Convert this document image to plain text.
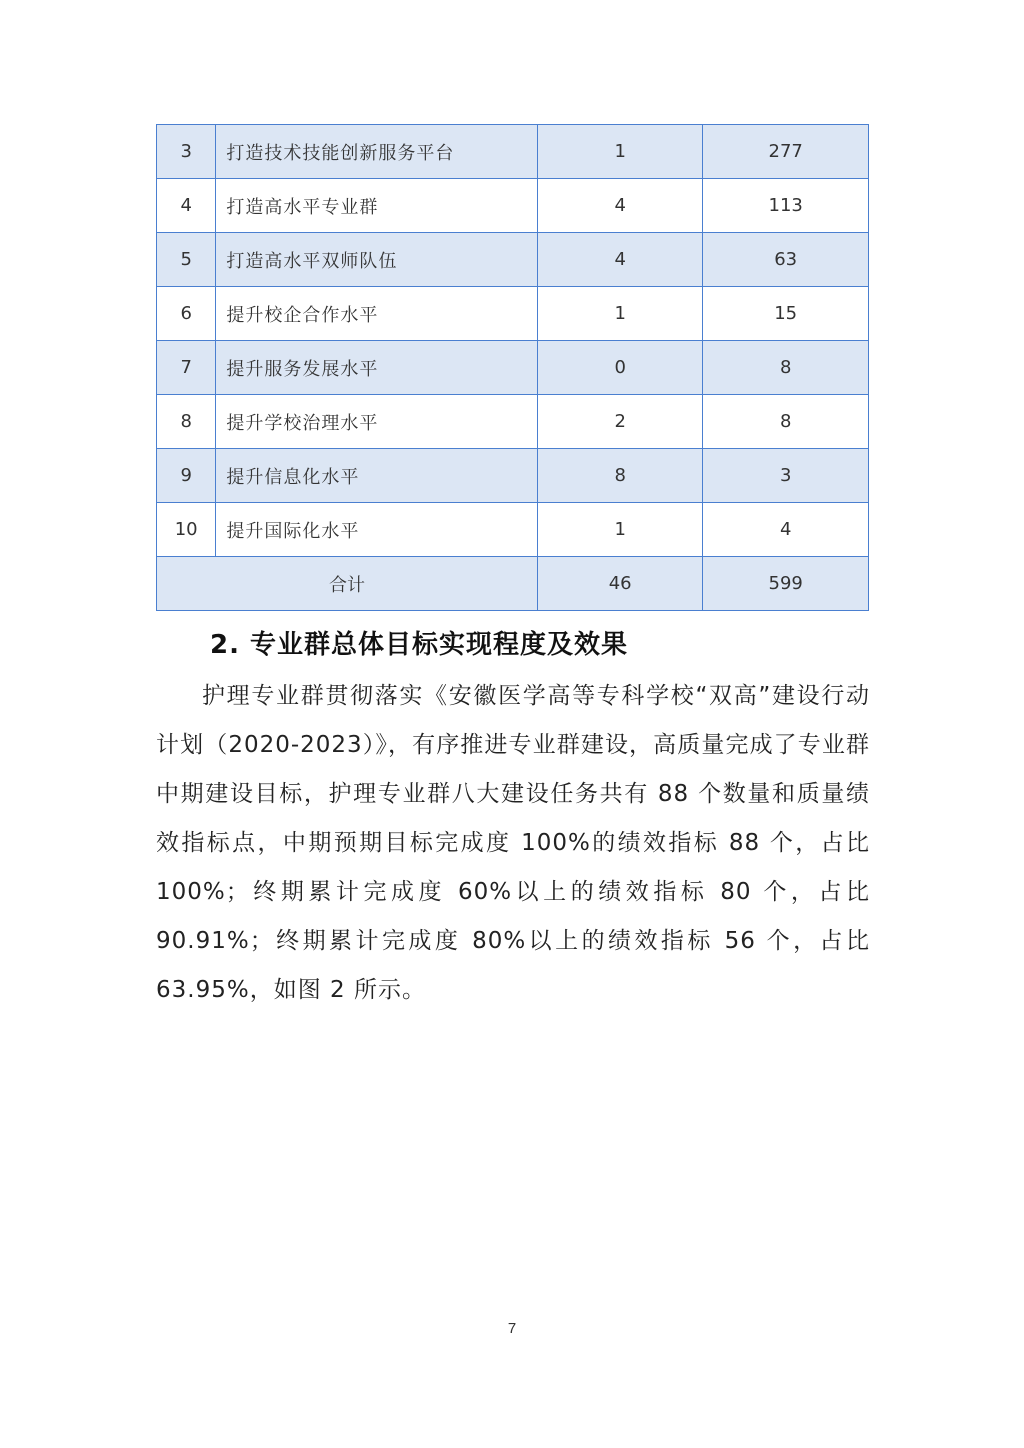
3	打造技术技能创新服务平台	1	277
4	打造高水平专业群	4	113
5	打造高水平双师队伍	4	63
6	提升校企合作水平	1	15
7	提升服务发展水平	0	8
8	提升学校治理水平	2	8
9	提升信息化水平	8	3
10	提升国际化水平	1	4
合计		46	599
2. 专业群总体目标实现程度及效果
护理专业群贯彻落实《安徽医学高等专科学校“双高”建设行动计划（2020-2023）》，有序推进专业群建设，高质量完成了专业群中期建设目标，护理专业群八大建设任务共有 88 个数量和质量绩效指标点，中期预期目标完成度 100%的绩效指标 88 个，占比 100%；终期累计完成度 60%以上的绩效指标 80 个，占比 90.91%；终期累计完成度 80%以上的绩效指标 56 个，占比 63.95%，如图 2 所示。
7
